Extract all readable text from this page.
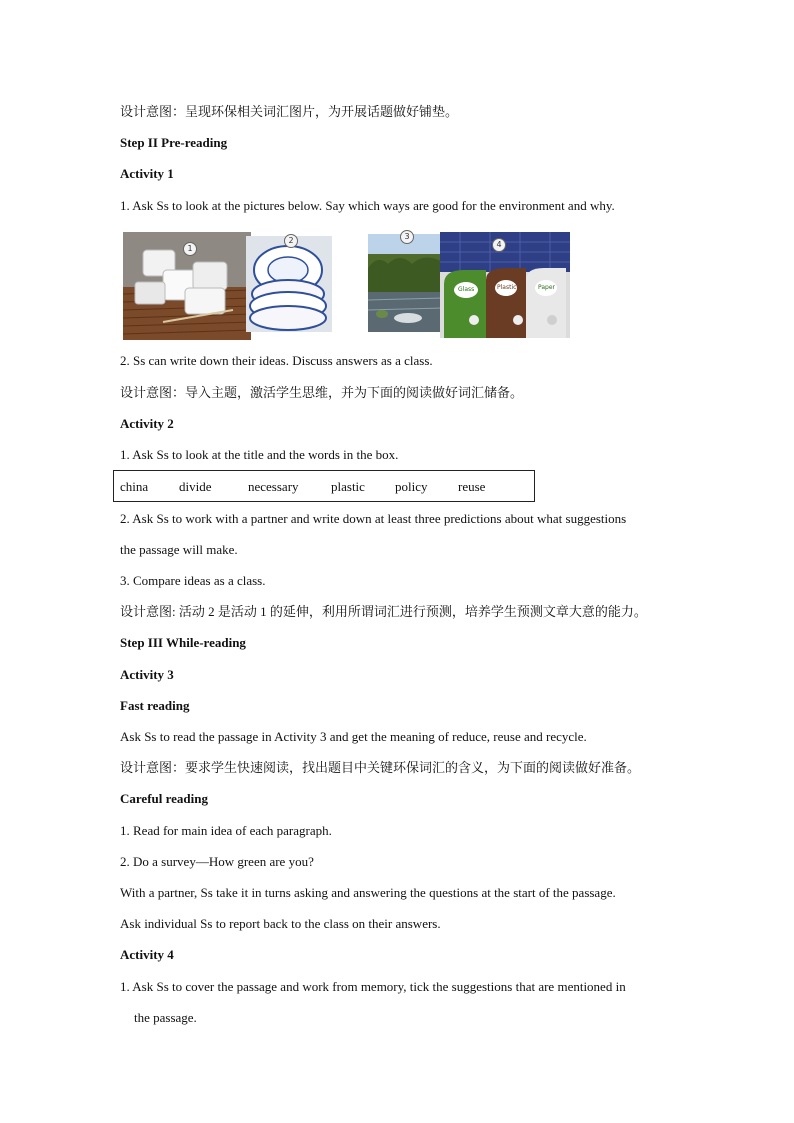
设计意图：呈现环保相关词汇图片，为开展话题做好铺垫。
Step II Pre-reading
Activity 1
1. Ask Ss to look at the pictures below. Say which ways are good for the environment and why.
1
2	3
4
Glass	Plastic	Paper
2. Ss can write down their ideas. Discuss answers as a class.
设计意图：导入主题，激活学生思维，并为下面的阅读做好词汇储备。
Activity 2
1. Ask Ss to look at the title and the words in the box.
china divide	necessary plastic policy reuse
2. Ask Ss to work with a partner and write down at least three predictions about what suggestions
the passage will make.
3. Compare ideas as a class.
设计意图: 活动 2 是活动 1 的延伸，利用所谓词汇进行预测，培养学生预测文章大意的能力。
Step III While-reading
Activity 3
Fast reading
Ask Ss to read the passage in Activity 3 and get the meaning of reduce, reuse and recycle.
设计意图：要求学生快速阅读，找出题目中关键环保词汇的含义，为下面的阅读做好准备。
Careful reading
1. Read for main idea of each paragraph.
2. Do a survey—How green are you?
With a partner, Ss take it in turns asking and answering the questions at the start of the passage.
Ask individual Ss to report back to the class on their answers.
Activity 4
1. Ask Ss to cover the passage and work from memory, tick the suggestions that are mentioned in
the passage.
